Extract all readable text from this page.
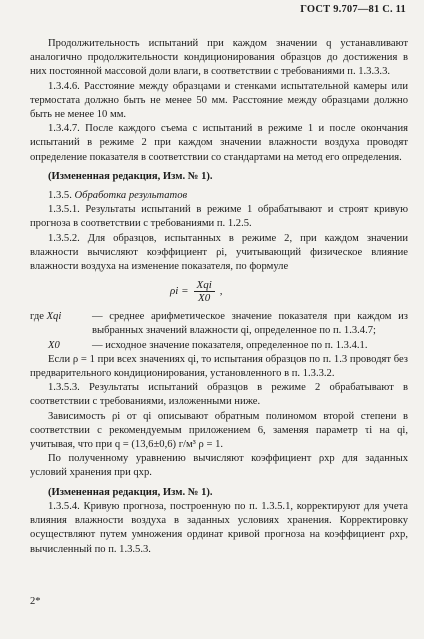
ГОСТ 9.707—81 С. 11

Продолжительность испытаний при каждом значении q устанавливают аналогично продолжительности кондиционирования образцов до достижения в них постоянной массовой доли влаги, в соответствии с требованиями п. 1.3.3.3.

1.3.4.6. Расстояние между образцами и стенками испытательной камеры или термостата должно быть не менее 50 мм. Расстояние между образцами должно быть не менее 10 мм.

1.3.4.7. После каждого съема с испытаний в режиме 1 и после окончания испытаний в режиме 2 при каждом значении влажности воздуха проводят определение показателя в соответствии со стандартами на метод его определения.

(Измененная редакция, Изм. № 1).

1.3.5. Обработка результатов

1.3.5.1. Результаты испытаний в режиме 1 обрабатывают и строят кривую прогноза в соответствии с требованиями п. 1.2.5.

1.3.5.2. Для образцов, испытанных в режиме 2, при каждом значении влажности вычисляют коэффициент ρi, учитывающий физическое влияние влажности воздуха на изменение показателя, по формуле

$\rho i = \frac{\text{Xqi}}{X0}$ ,
где Xqi	— среднее арифметическое значение показателя при каждом из выбранных значений влажности qi, определенное по п. 1.3.4.7;
X0	— исходное значение показателя, определенное по п. 1.3.4.1.

Если ρ = 1 при всех значениях qi, то испытания образцов по п. 1.3 проводят без предварительного кондиционирования, установленного в п. 1.3.3.2.

1.3.5.3. Результаты испытаний образцов в режиме 2 обрабатывают в соответствии с требованиями, изложенными ниже.

Зависимость ρi от qi описывают обратным полиномом второй степени в соответствии с рекомендуемым приложением 6, заменяя параметр τi на qi, учитывая, что при q = (13,6±0,6) г/м³ ρ = 1.

По полученному уравнению вычисляют коэффициент ρхр для заданных условий хранения при qхр.

(Измененная редакция, Изм. № 1).

1.3.5.4. Кривую прогноза, построенную по п. 1.3.5.1, корректируют для учета влияния влажности воздуха в заданных условиях хранения. Корректировку осуществляют путем умножения ординат кривой прогноза на коэффициент ρхр, вычисленный по п. 1.3.5.3.

2*
